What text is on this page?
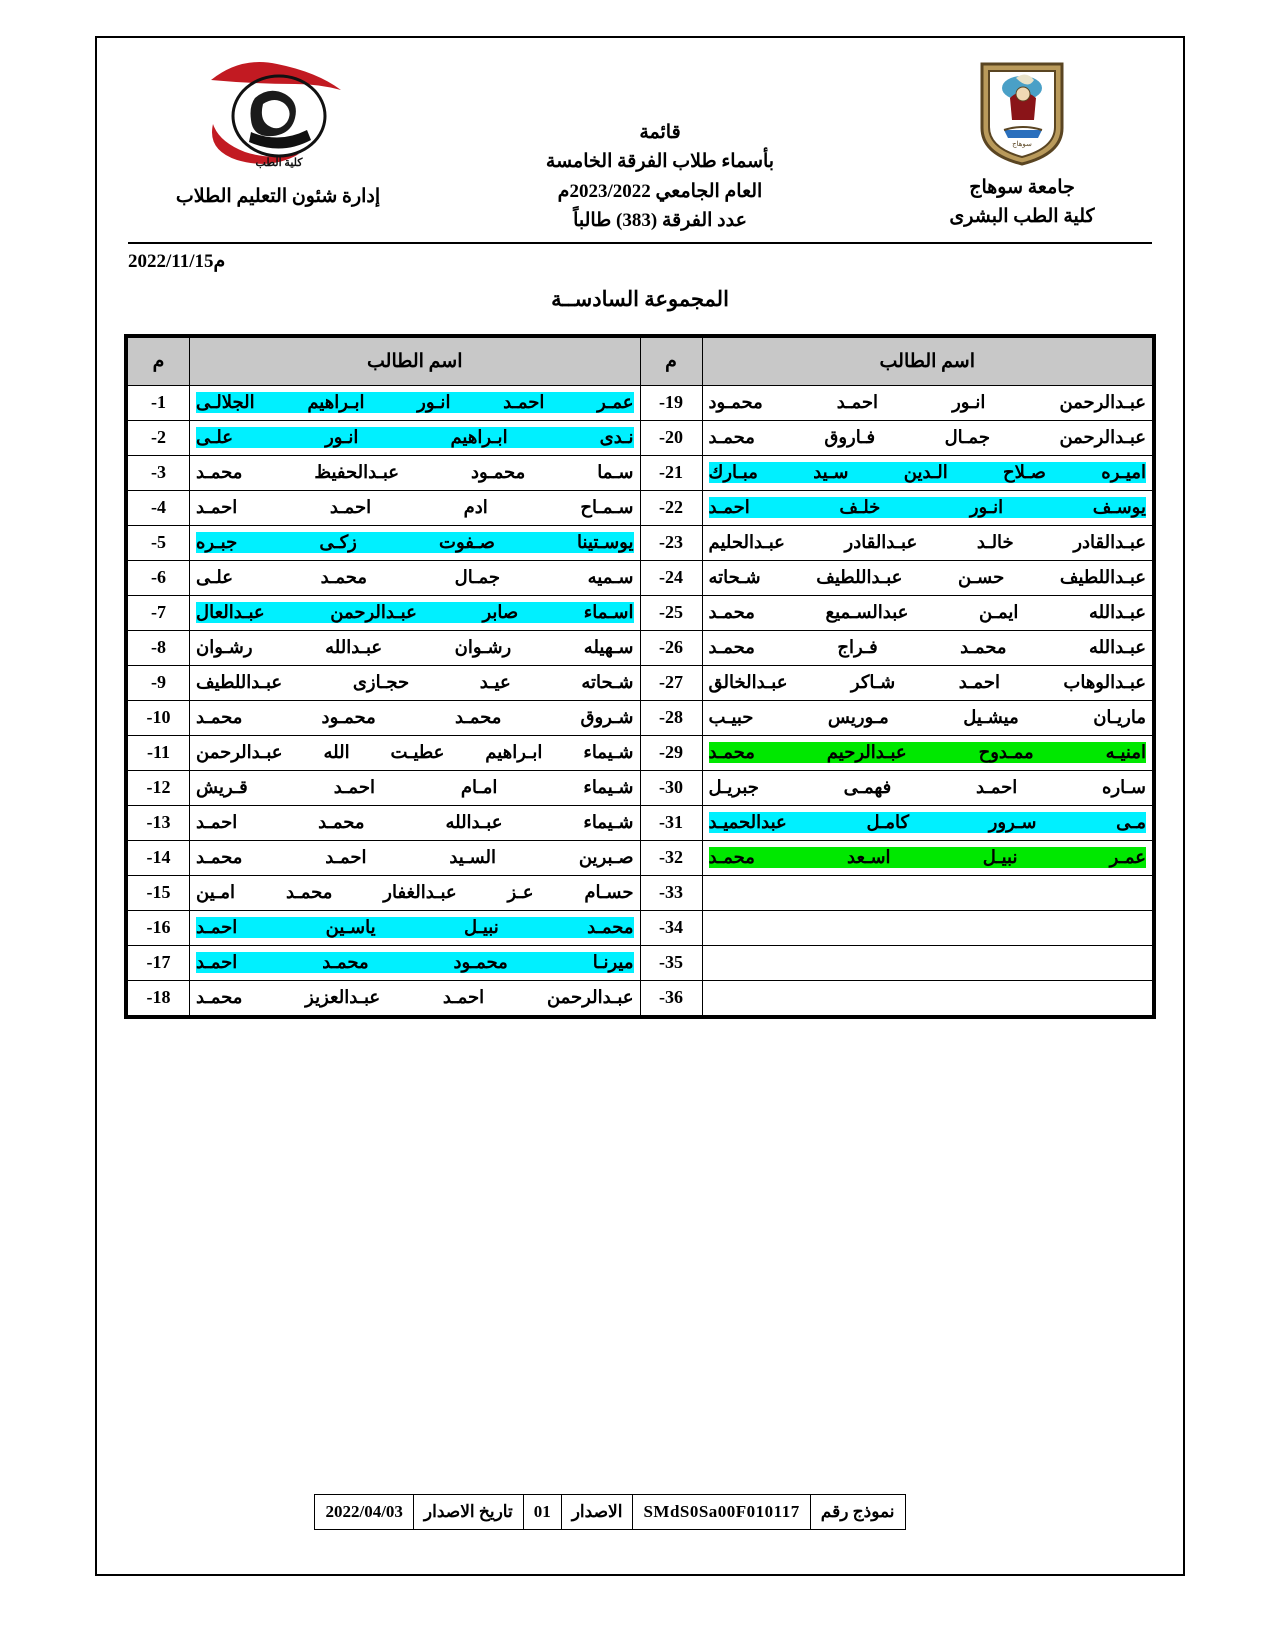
سوهاج
جامعة سوهاج
كلية الطب البشرى
قائمة
بأسماء طلاب الفرقة الخامسة
العام الجامعي 2023/2022م
عدد الفرقة (383) طالباً
كلية الطب
إدارة شئون التعليم الطلاب
2022/11/15م
المجموعة السادســة
اسم الطالب	م	اسم الطالب	م

عبـدالرحمن انـور احمـد محمـود	19-	عمـر احمـد انـور ابـراهيم الجلالـى	1-

عبـدالرحمن جمـال فـاروق محمـد	20-	نـدى ابـراهيم انـور علـى	2-

اميـره صـلاح الـدين سـيد مبـارك	21-	سـما محمـود عبـدالحفيظ محمـد	3-

يوسـف انـور خلـف احمـد	22-	سـمـاح ادم احمـد احمـد	4-

عبـدالقادر خالـد عبـدالقادر عبـدالحليم	23-	يوسـتينا صـفوت زكـى جبـره	5-

عبـداللطيف حسـن عبـداللطيف شـحاته	24-	سـميه جمـال محمـد علـى	6-

عبـدالله ايمـن عبدالسـميع محمـد	25-	اسـماء صابر عبـدالرحمن عبـدالعال	7-

عبـدالله محمـد فـراج محمـد	26-	سـهيله رشـوان عبـدالله رشـوان	8-

عبـدالوهاب احمـد شـاكر عبـدالخالق	27-	شـحاته عيـد حجـازى عبـداللطيف	9-

ماريـان ميشـيل مـوريس حبيـب	28-	شـروق محمـد محمـود محمـد	10-

امنيـه ممـدوح عبـدالرحيم محمـد	29-	شـيماء ابـراهيم عطيـت الله عبـدالرحمن	11-

سـاره احمـد فهمـى جبريـل	30-	شـيماء امـام احمـد قـريش	12-

مـى سـرور كامـل عبدالحميـد	31-	شـيماء عبـدالله محمـد احمـد	13-

عمـر نبيـل اسـعد محمـد	32-	صـبرين السـيد احمـد محمـد	14-
	33-	حسـام عـز عبـدالغفار محمـد امـين	15-
	34-	محمـد نبيـل ياسـين احمـد	16-
	35-	ميرنـا محمـود محمـد احمـد	17-
	36-	عبـدالرحمن احمـد عبـدالعزيز محمـد	18-
نموذج رقم	SMdS0Sa00F010117	الاصدار	01	تاريخ الاصدار	2022/04/03
